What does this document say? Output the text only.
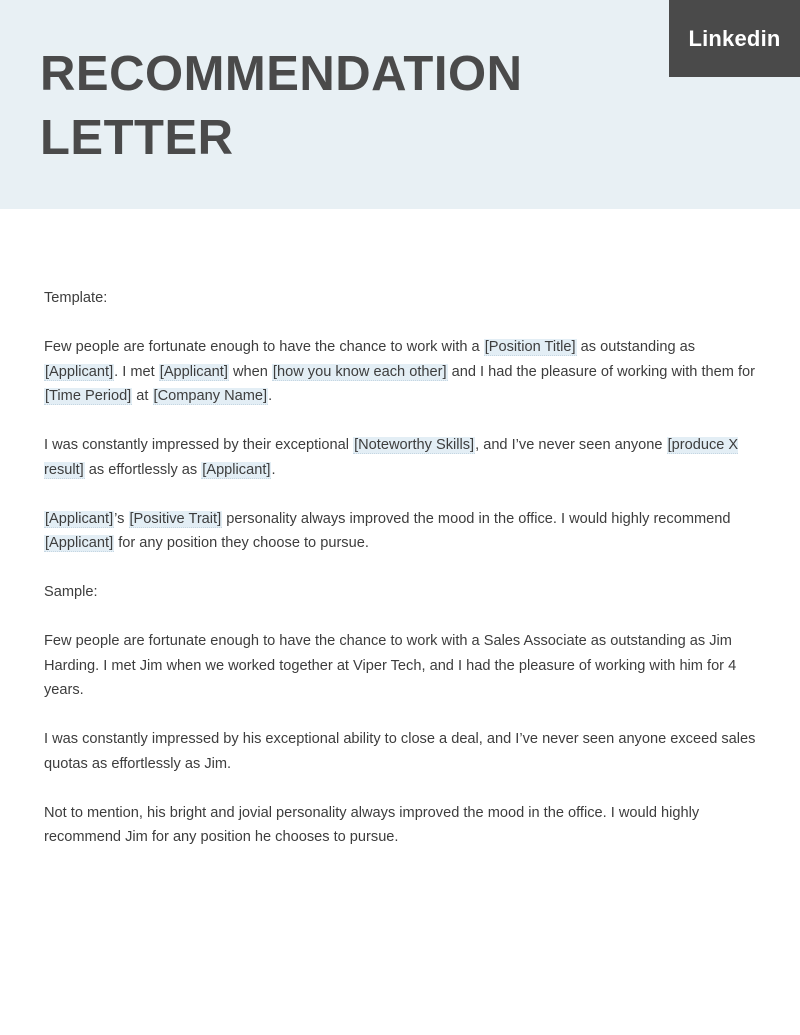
RECOMMENDATION
LETTER
Linkedin

Template:

Few people are fortunate enough to have the chance to work with a [Position Title] as outstanding as [Applicant]. I met [Applicant] when [how you know each other] and I had the pleasure of working with them for [Time Period] at [Company Name].

I was constantly impressed by their exceptional [Noteworthy Skills], and I’ve never seen anyone [produce X result] as effortlessly as [Applicant].

[Applicant]’s [Positive Trait] personality always improved the mood in the office. I would highly recommend [Applicant] for any position they choose to pursue.

Sample:

Few people are fortunate enough to have the chance to work with a Sales Associate as outstanding as Jim Harding. I met Jim when we worked together at Viper Tech, and I had the pleasure of working with him for 4 years.

I was constantly impressed by his exceptional ability to close a deal, and I’ve never seen anyone exceed sales quotas as effortlessly as Jim.

Not to mention, his bright and jovial personality always improved the mood in the office. I would highly recommend Jim for any position he chooses to pursue.
